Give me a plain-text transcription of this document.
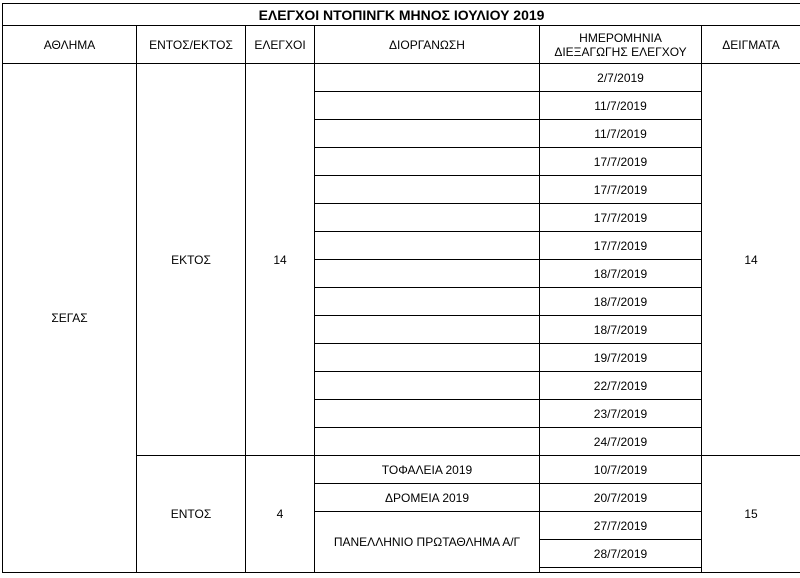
ΕΛΕΓΧΟΙ ΝΤΟΠΙΝΓΚ ΜΗΝΟΣ ΙΟΥΛΙΟΥ 2019					
ΑΘΛΗΜΑ	ΕΝΤΟΣ/ΕΚΤΟΣ	ΕΛΕΓΧΟΙ	ΔΙΟΡΓΑΝΩΣΗ	ΗΜΕΡΟΜΗΝΙΑ
ΔΙΕΞΑΓΩΓΗΣ ΕΛΕΓΧΟΥ	ΔΕΙΓΜΑΤΑ
ΣΕΓΑΣ	ΕΚΤΟΣ	14		2/7/2019	14
				11/7/2019	
				11/7/2019	
				17/7/2019	
				17/7/2019	
				17/7/2019	
				17/7/2019	
				18/7/2019	
				18/7/2019	
				18/7/2019	
				19/7/2019	
				22/7/2019	
				23/7/2019	
				24/7/2019	
	ΕΝΤΟΣ	4	ΤΟΦΑΛΕΙΑ 2019	10/7/2019	15
			ΔΡΟΜΕΙΑ 2019	20/7/2019	
			ΠΑΝΕΛΛΗΝΙΟ ΠΡΩΤΑΘΛΗΜΑ Α/Γ	27/7/2019	
				28/7/2019	
